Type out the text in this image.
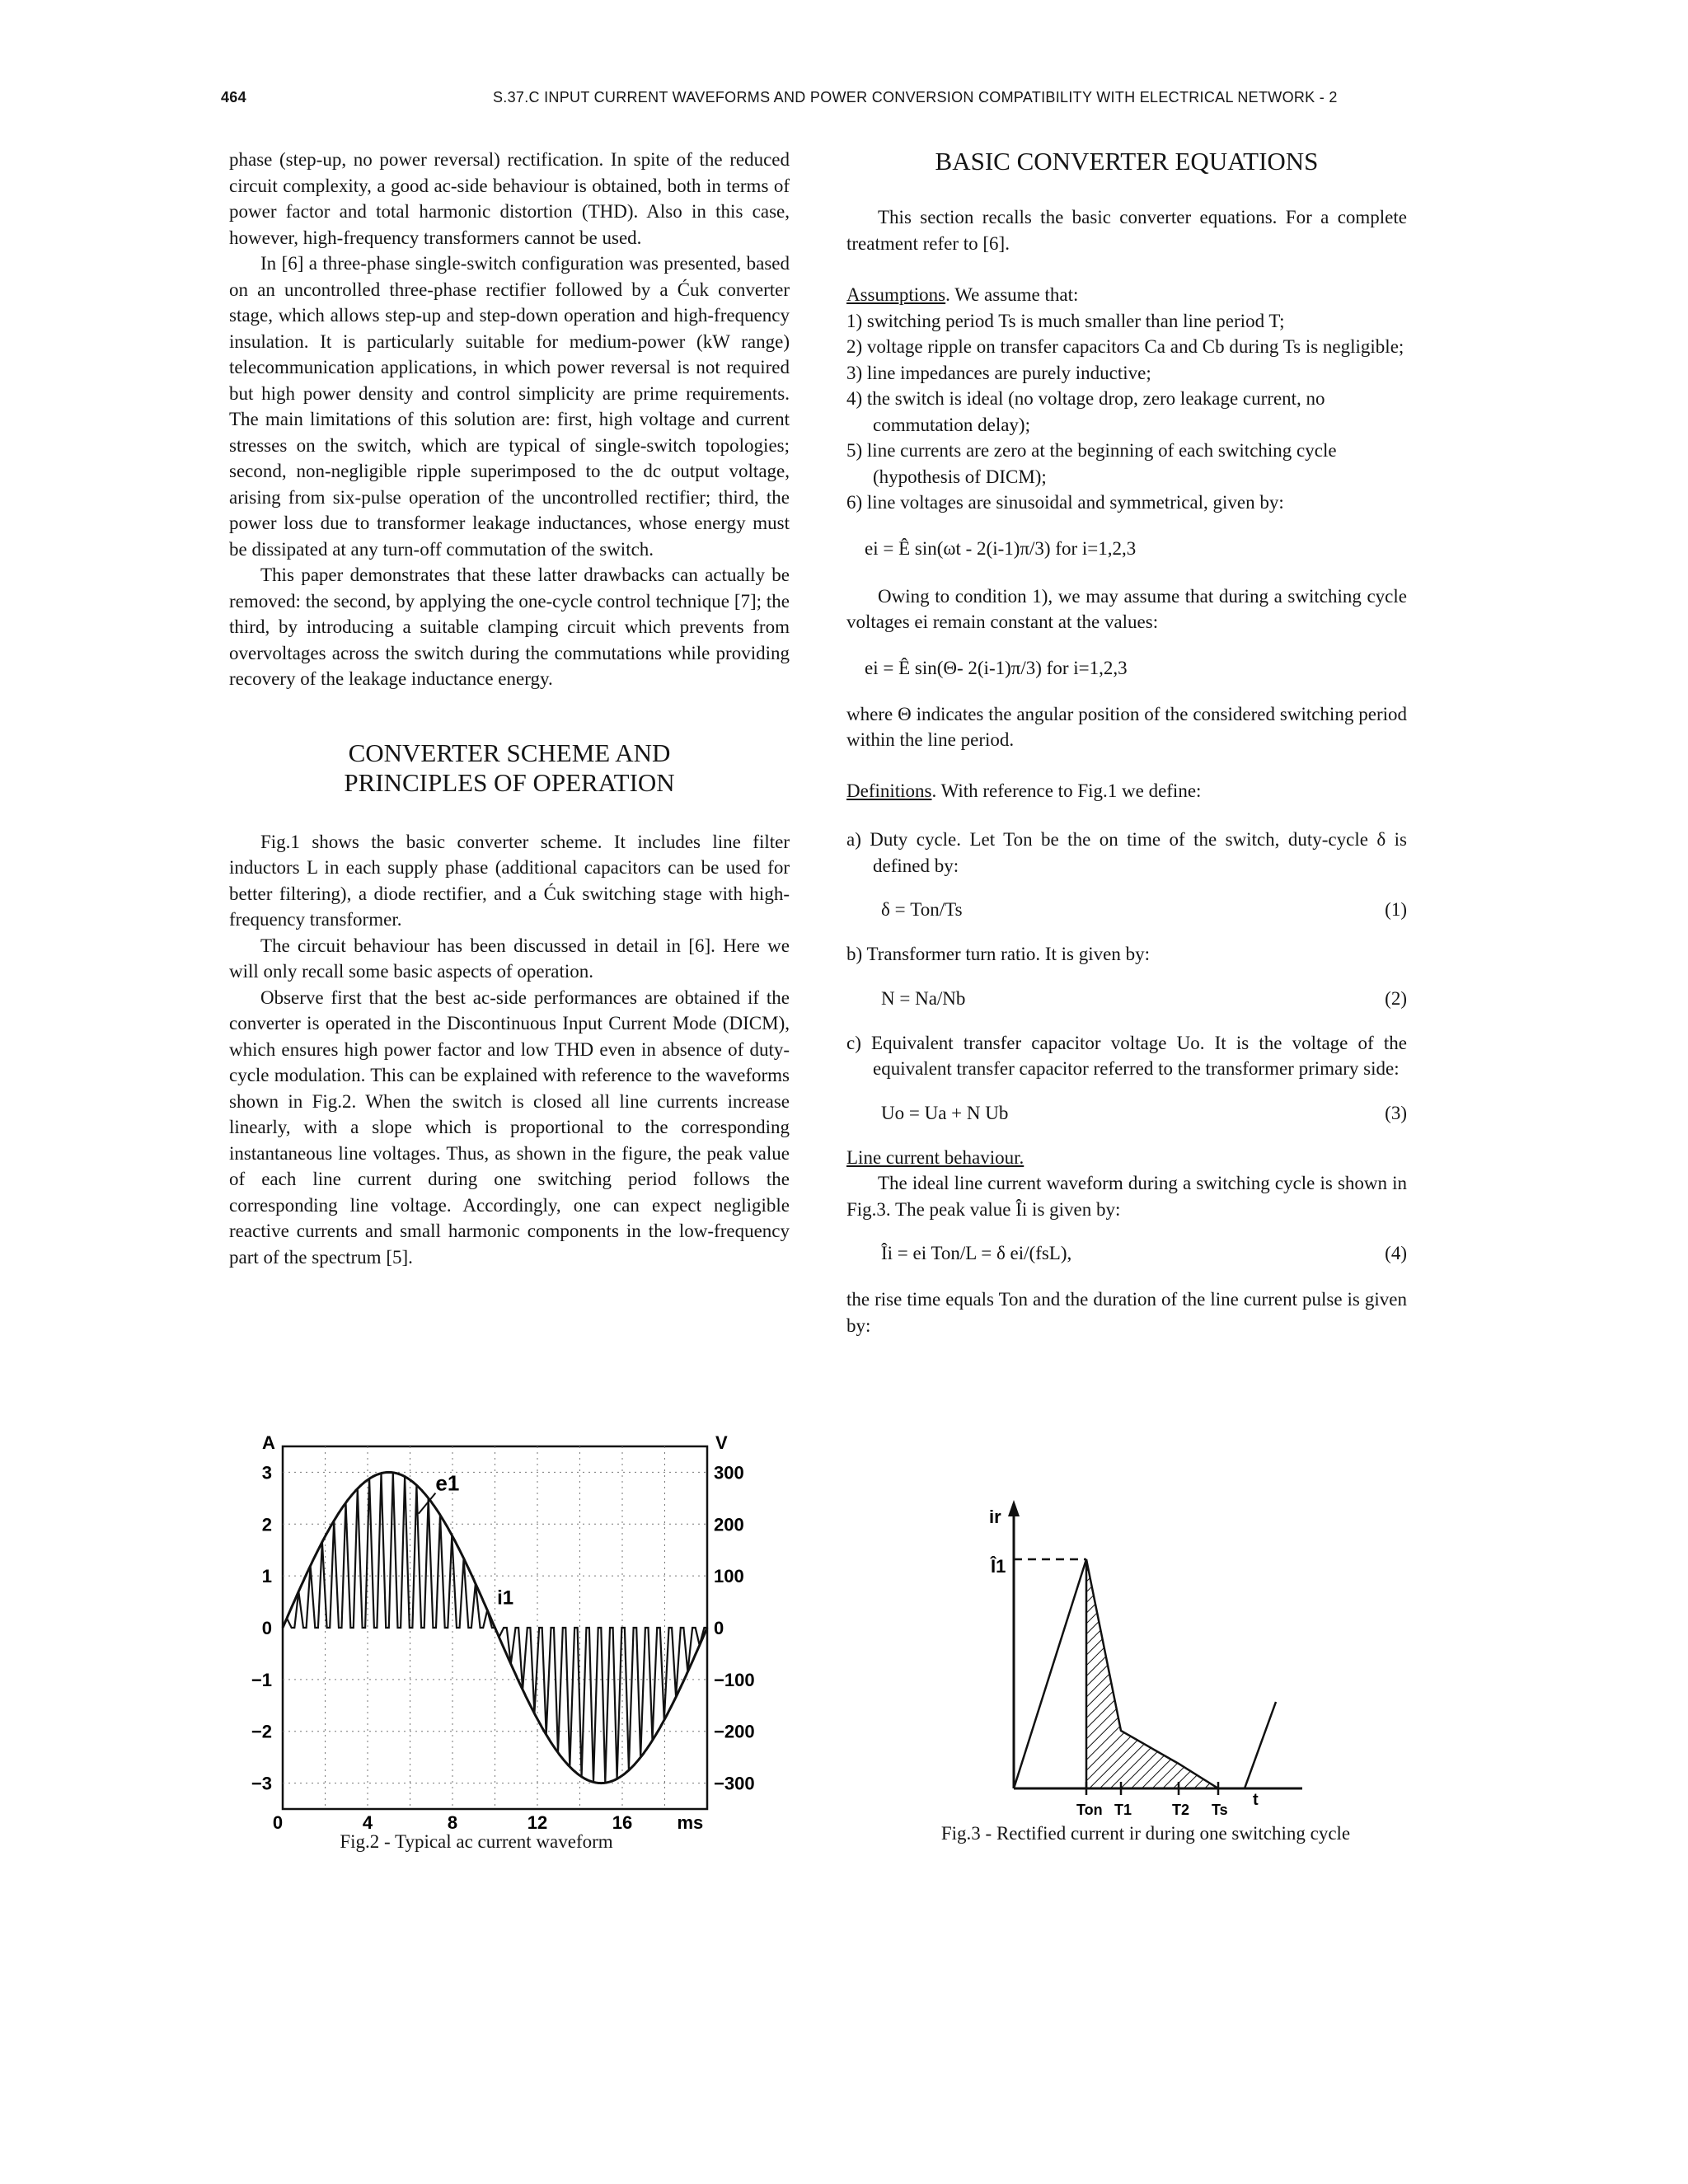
464	S.37.C INPUT CURRENT WAVEFORMS AND POWER CONVERSION COMPATIBILITY WITH ELECTRICAL NETWORK - 2

phase (step-up, no power reversal) rectification. In spite of the reduced circuit complexity, a good ac-side behaviour is obtained, both in terms of power factor and total harmonic distortion (THD). Also in this case, however, high-frequency transformers cannot be used.

In [6] a three-phase single-switch configuration was presented, based on an uncontrolled three-phase rectifier followed by a Ćuk converter stage, which allows step-up and step-down operation and high-frequency insulation. It is particularly suitable for medium-power (kW range) telecommunication applications, in which power reversal is not required but high power density and control simplicity are prime requirements. The main limitations of this solution are: first, high voltage and current stresses on the switch, which are typical of single-switch topologies; second, non-negligible ripple superimposed to the dc output voltage, arising from six-pulse operation of the uncontrolled rectifier; third, the power loss due to transformer leakage inductances, whose energy must be dissipated at any turn-off commutation of the switch.

This paper demonstrates that these latter drawbacks can actually be removed: the second, by applying the one-cycle control technique [7]; the third, by introducing a suitable clamping circuit which prevents from overvoltages across the switch during the commutations while providing recovery of the leakage inductance energy.

CONVERTER SCHEME AND
PRINCIPLES OF OPERATION

Fig.1 shows the basic converter scheme. It includes line filter inductors L in each supply phase (additional capacitors can be used for better filtering), a diode rectifier, and a Ćuk switching stage with high-frequency transformer.

The circuit behaviour has been discussed in detail in [6]. Here we will only recall some basic aspects of operation.

Observe first that the best ac-side performances are obtained if the converter is operated in the Discontinuous Input Current Mode (DICM), which ensures high power factor and low THD even in absence of duty-cycle modulation. This can be explained with reference to the waveforms shown in Fig.2. When the switch is closed all line currents increase linearly, with a slope which is proportional to the corresponding instantaneous line voltages. Thus, as shown in the figure, the peak value of each line current during one switching period follows the corresponding line voltage. Accordingly, one can expect negligible reactive currents and small harmonic components in the low-frequency part of the spectrum [5].

e1
i1
A	V
3	300
2	200
1	100
0	0
−1	−100
−2	−200
−3	−300
0	4	8	12	16 ms
Fig.2 - Typical ac current waveform
BASIC CONVERTER EQUATIONS

This section recalls the basic converter equations. For a complete treatment refer to [6].

Assumptions. We assume that:

1) switching period Ts is much smaller than line period T;
2) voltage ripple on transfer capacitors Ca and Cb during Ts is negligible;
3) line impedances are purely inductive;
4) the switch is ideal (no voltage drop, zero leakage current, no commutation delay);
5) line currents are zero at the beginning of each switching cycle (hypothesis of DICM);
6) line voltages are sinusoidal and symmetrical, given by:
ei = Ê sin(ωt - 2(i-1)π/3) for i=1,2,3

Owing to condition 1), we may assume that during a switching cycle voltages ei remain constant at the values:

ei = Ê sin(Θ- 2(i-1)π/3) for i=1,2,3

where Θ indicates the angular position of the considered switching period within the line period.

Definitions. With reference to Fig.1 we define:

a) Duty cycle. Let Ton be the on time of the switch, duty-cycle δ is defined by:
δ = Ton/Ts	(1)
b) Transformer turn ratio. It is given by:
N = Na/Nb	(2)
c) Equivalent transfer capacitor voltage Uo. It is the voltage of the equivalent transfer capacitor referred to the transformer primary side:
Uo = Ua + N Ub	(3)

Line current behaviour.

The ideal line current waveform during a switching cycle is shown in Fig.3. The peak value Îi is given by:

Îi = ei Ton/L = δ ei/(fsL),	(4)

the rise time equals Ton and the duration of the line current pulse is given by:

ir
Î1
Ton T1	T2 Ts
t
Fig.3 - Rectified current ir during one switching cycle
